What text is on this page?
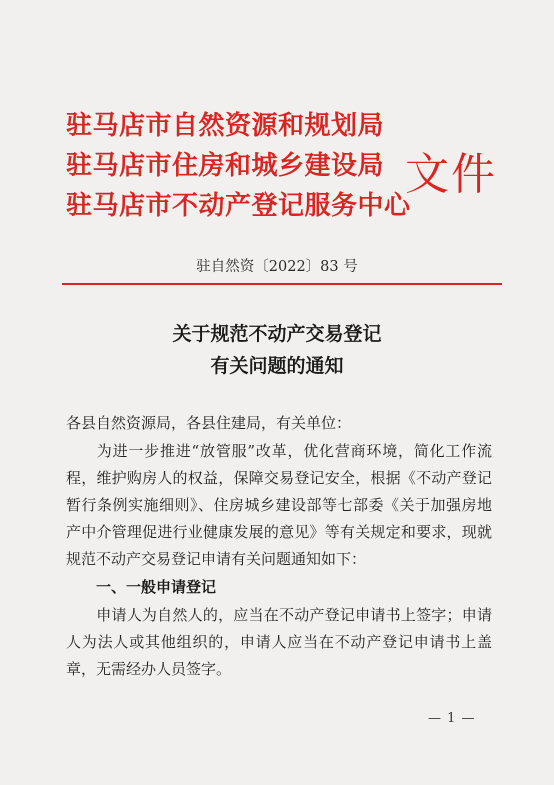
驻马店市自然资源和规划局
驻马店市住房和城乡建设局
驻马店市不动产登记服务中心
文件
驻自然资〔2022〕83 号
关于规范不动产交易登记
有关问题的通知
各县自然资源局，各县住建局，有关单位：

为进一步推进“放管服”改革，优化营商环境，简化工作流程，维护购房人的权益，保障交易登记安全，根据《不动产登记暂行条例实施细则》、住房城乡建设部等七部委《关于加强房地产中介管理促进行业健康发展的意见》等有关规定和要求，现就规范不动产交易登记申请有关问题通知如下：

一、一般申请登记

申请人为自然人的，应当在不动产登记申请书上签字；申请人为法人或其他组织的，申请人应当在不动产登记申请书上盖章，无需经办人员签字。

— 1 —
